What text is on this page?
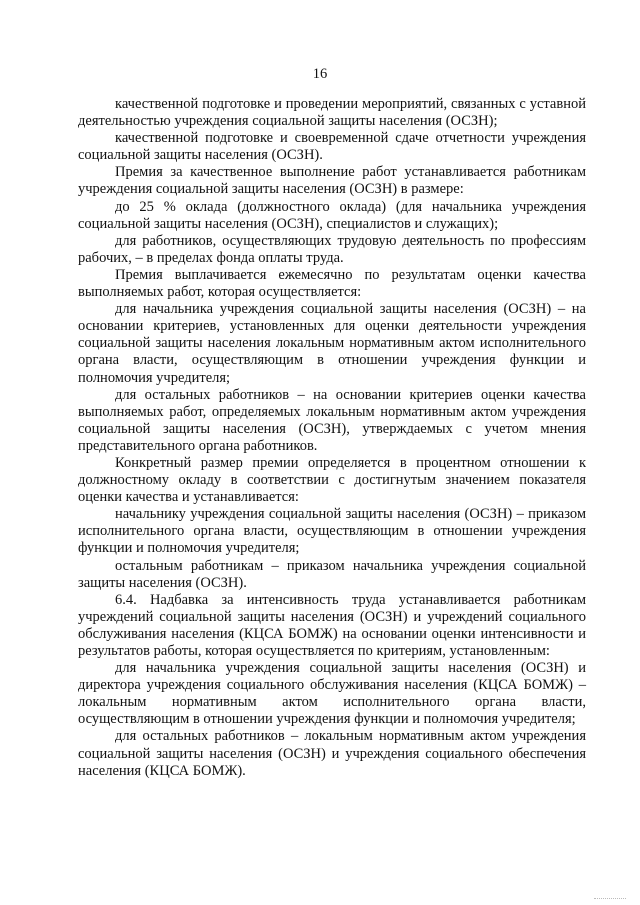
16

качественной подготовке и проведении мероприятий, связанных с уставной деятельностью учреждения социальной защиты населения (ОСЗН);

качественной подготовке и своевременной сдаче отчетности учреждения социальной защиты населения (ОСЗН).

Премия за качественное выполнение работ устанавливается работникам учреждения социальной защиты населения (ОСЗН) в размере:

до 25 % оклада (должностного оклада) (для начальника учреждения социальной защиты населения (ОСЗН), специалистов и служащих);

для работников, осуществляющих трудовую деятельность по профессиям рабочих, – в пределах фонда оплаты труда.

Премия выплачивается ежемесячно по результатам оценки качества выполняемых работ, которая осуществляется:

для начальника учреждения социальной защиты населения (ОСЗН) – на основании критериев, установленных для оценки деятельности учреждения социальной защиты населения локальным нормативным актом исполнительного органа власти, осуществляющим в отношении учреждения функции и полномочия учредителя;

для остальных работников – на основании критериев оценки качества выполняемых работ, определяемых локальным нормативным актом учреждения социальной защиты населения (ОСЗН), утверждаемых с учетом мнения представительного органа работников.

Конкретный размер премии определяется в процентном отношении к должностному окладу в соответствии с достигнутым значением показателя оценки качества и устанавливается:

начальнику учреждения социальной защиты населения (ОСЗН) – приказом исполнительного органа власти, осуществляющим в отношении учреждения функции и полномочия учредителя;

остальным работникам – приказом начальника учреждения социальной защиты населения (ОСЗН).

6.4. Надбавка за интенсивность труда устанавливается работникам учреждений социальной защиты населения (ОСЗН) и учреждений социального обслуживания населения (КЦСА БОМЖ) на основании оценки интенсивности и результатов работы, которая осуществляется по критериям, установленным:

для начальника учреждения социальной защиты населения (ОСЗН) и директора учреждения социального обслуживания населения (КЦСА БОМЖ) – локальным нормативным актом исполнительного органа власти, осуществляющим в отношении учреждения функции и полномочия учредителя;

для остальных работников – локальным нормативным актом учреждения социальной защиты населения (ОСЗН) и учреждения социального обеспечения населения (КЦСА БОМЖ).
